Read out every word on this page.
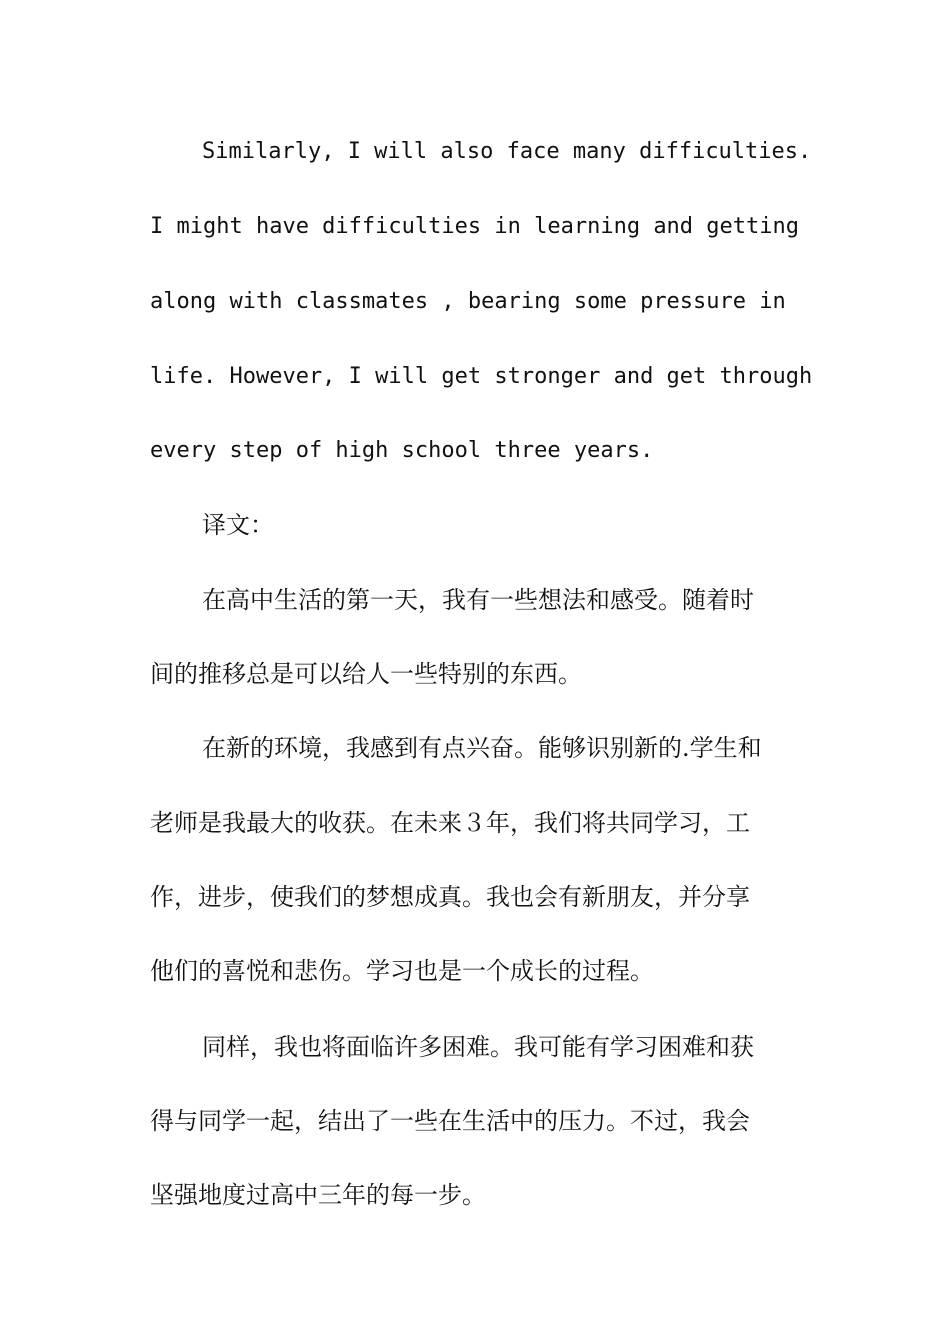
Similarly, I will also face many difficulties.
I might have difficulties in learning and getting
along with classmates , bearing some pressure in
life. However, I will get stronger and get through
every step of high school three years.
译文：
在高中生活的第一天，我有一些想法和感受。随着时
间的推移总是可以给人一些特别的东西。
在新的环境，我感到有点兴奋。能够识别新的.学生和
老师是我最大的收获。在未来３年，我们将共同学习，工
作，进步，使我们的梦想成真。我也会有新朋友，并分享
他们的喜悦和悲伤。学习也是一个成长的过程。
同样，我也将面临许多困难。我可能有学习困难和获
得与同学一起，结出了一些在生活中的压力。不过，我会
坚强地度过高中三年的每一步。
